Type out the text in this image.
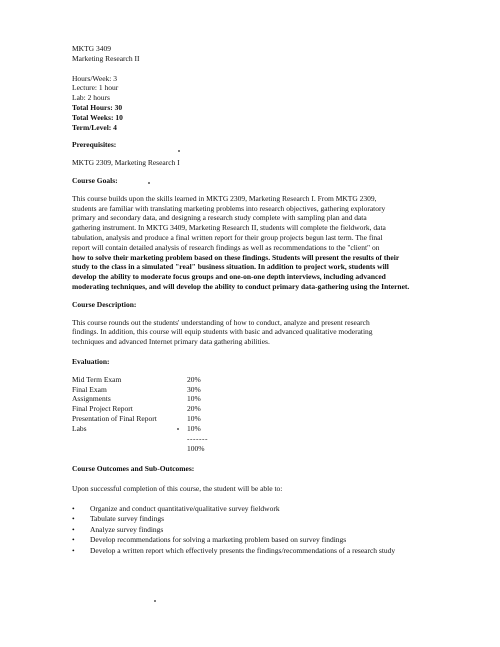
MKTG 3409
Marketing Research II
Hours/Week: 3
Lecture: 1 hour
Lab: 2 hours
Total Hours: 30
Total Weeks: 10
Term/Level: 4
Prerequisites:
MKTG 2309, Marketing Research I
Course Goals:
This course builds upon the skills learned in MKTG 2309, Marketing Research I. From MKTG 2309,
students are familiar with translating marketing problems into research objectives, gathering exploratory
primary and secondary data, and designing a research study complete with sampling plan and data
gathering instrument. In MKTG 3409, Marketing Research II, students will complete the fieldwork, data
tabulation, analysis and produce a final written report for their group projects begun last term. The final
report will contain detailed analysis of research findings as well as recommendations to the "client" on
how to solve their marketing problem based on these findings. Students will present the results of their
study to the class in a simulated "real" business situation. In addition to project work, students will
develop the ability to moderate focus groups and one-on-one depth interviews, including advanced
moderating techniques, and will develop the ability to conduct primary data-gathering using the Internet.
Course Description:
This course rounds out the students' understanding of how to conduct, analyze and present research
findings. In addition, this course will equip students with basic and advanced qualitative moderating
techniques and advanced Internet primary data gathering abilities.
Evaluation:
Mid Term Exam	20%
Final Exam	30%
Assignments	10%
Final Project Report	20%
Presentation of Final Report	10%
Labs	10%
	-------
	100%
Course Outcomes and Sub-Outcomes:
Upon successful completion of this course, the student will be able to:
• Organize and conduct quantitative/qualitative survey fieldwork
• Tabulate survey findings
• Analyze survey findings
• Develop recommendations for solving a marketing problem based on survey findings
• Develop a written report which effectively presents the findings/recommendations of a research study
